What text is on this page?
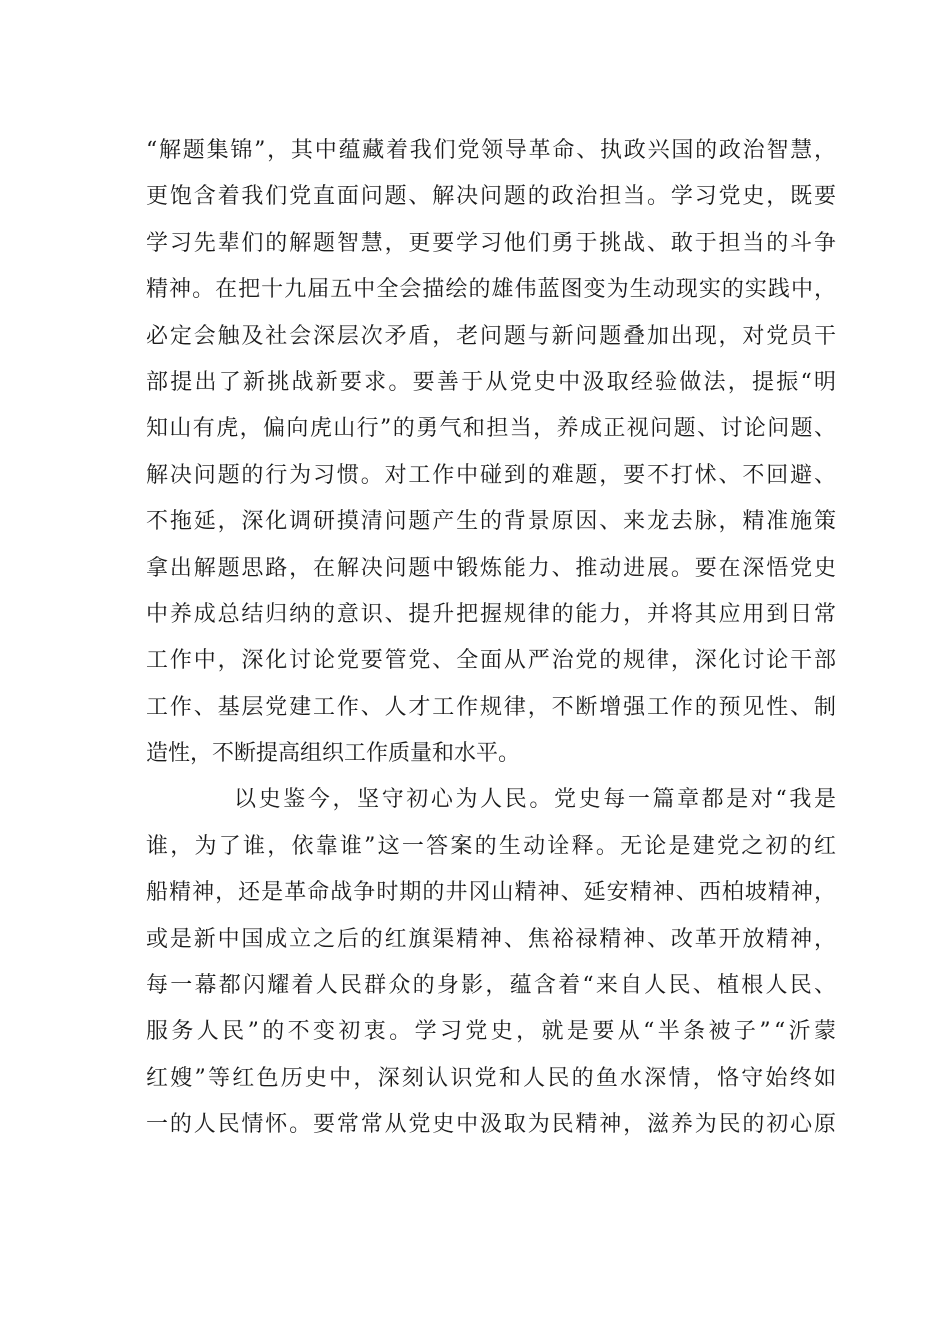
“解题集锦”，其中蕴藏着我们党领导革命、执政兴国的政治智慧，
更饱含着我们党直面问题、解决问题的政治担当。学习党史，既要
学习先辈们的解题智慧，更要学习他们勇于挑战、敢于担当的斗争
精神。在把十九届五中全会描绘的雄伟蓝图变为生动现实的实践中，
必定会触及社会深层次矛盾，老问题与新问题叠加出现，对党员干
部提出了新挑战新要求。要善于从党史中汲取经验做法，提振“明
知山有虎，偏向虎山行”的勇气和担当，养成正视问题、讨论问题、
解决问题的行为习惯。对工作中碰到的难题，要不打怵、不回避、
不拖延，深化调研摸清问题产生的背景原因、来龙去脉，精准施策
拿出解题思路，在解决问题中锻炼能力、推动进展。要在深悟党史
中养成总结归纳的意识、提升把握规律的能力，并将其应用到日常
工作中，深化讨论党要管党、全面从严治党的规律，深化讨论干部
工作、基层党建工作、人才工作规律，不断增强工作的预见性、制
造性，不断提高组织工作质量和水平。
以史鉴今，坚守初心为人民。党史每一篇章都是对“我是
谁，为了谁，依靠谁”这一答案的生动诠释。无论是建党之初的红
船精神，还是革命战争时期的井冈山精神、延安精神、西柏坡精神，
或是新中国成立之后的红旗渠精神、焦裕禄精神、改革开放精神，
每一幕都闪耀着人民群众的身影，蕴含着“来自人民、植根人民、
服务人民”的不变初衷。学习党史，就是要从“半条被子”“沂蒙
红嫂”等红色历史中，深刻认识党和人民的鱼水深情，恪守始终如
一的人民情怀。要常常从党史中汲取为民精神，滋养为民的初心原
